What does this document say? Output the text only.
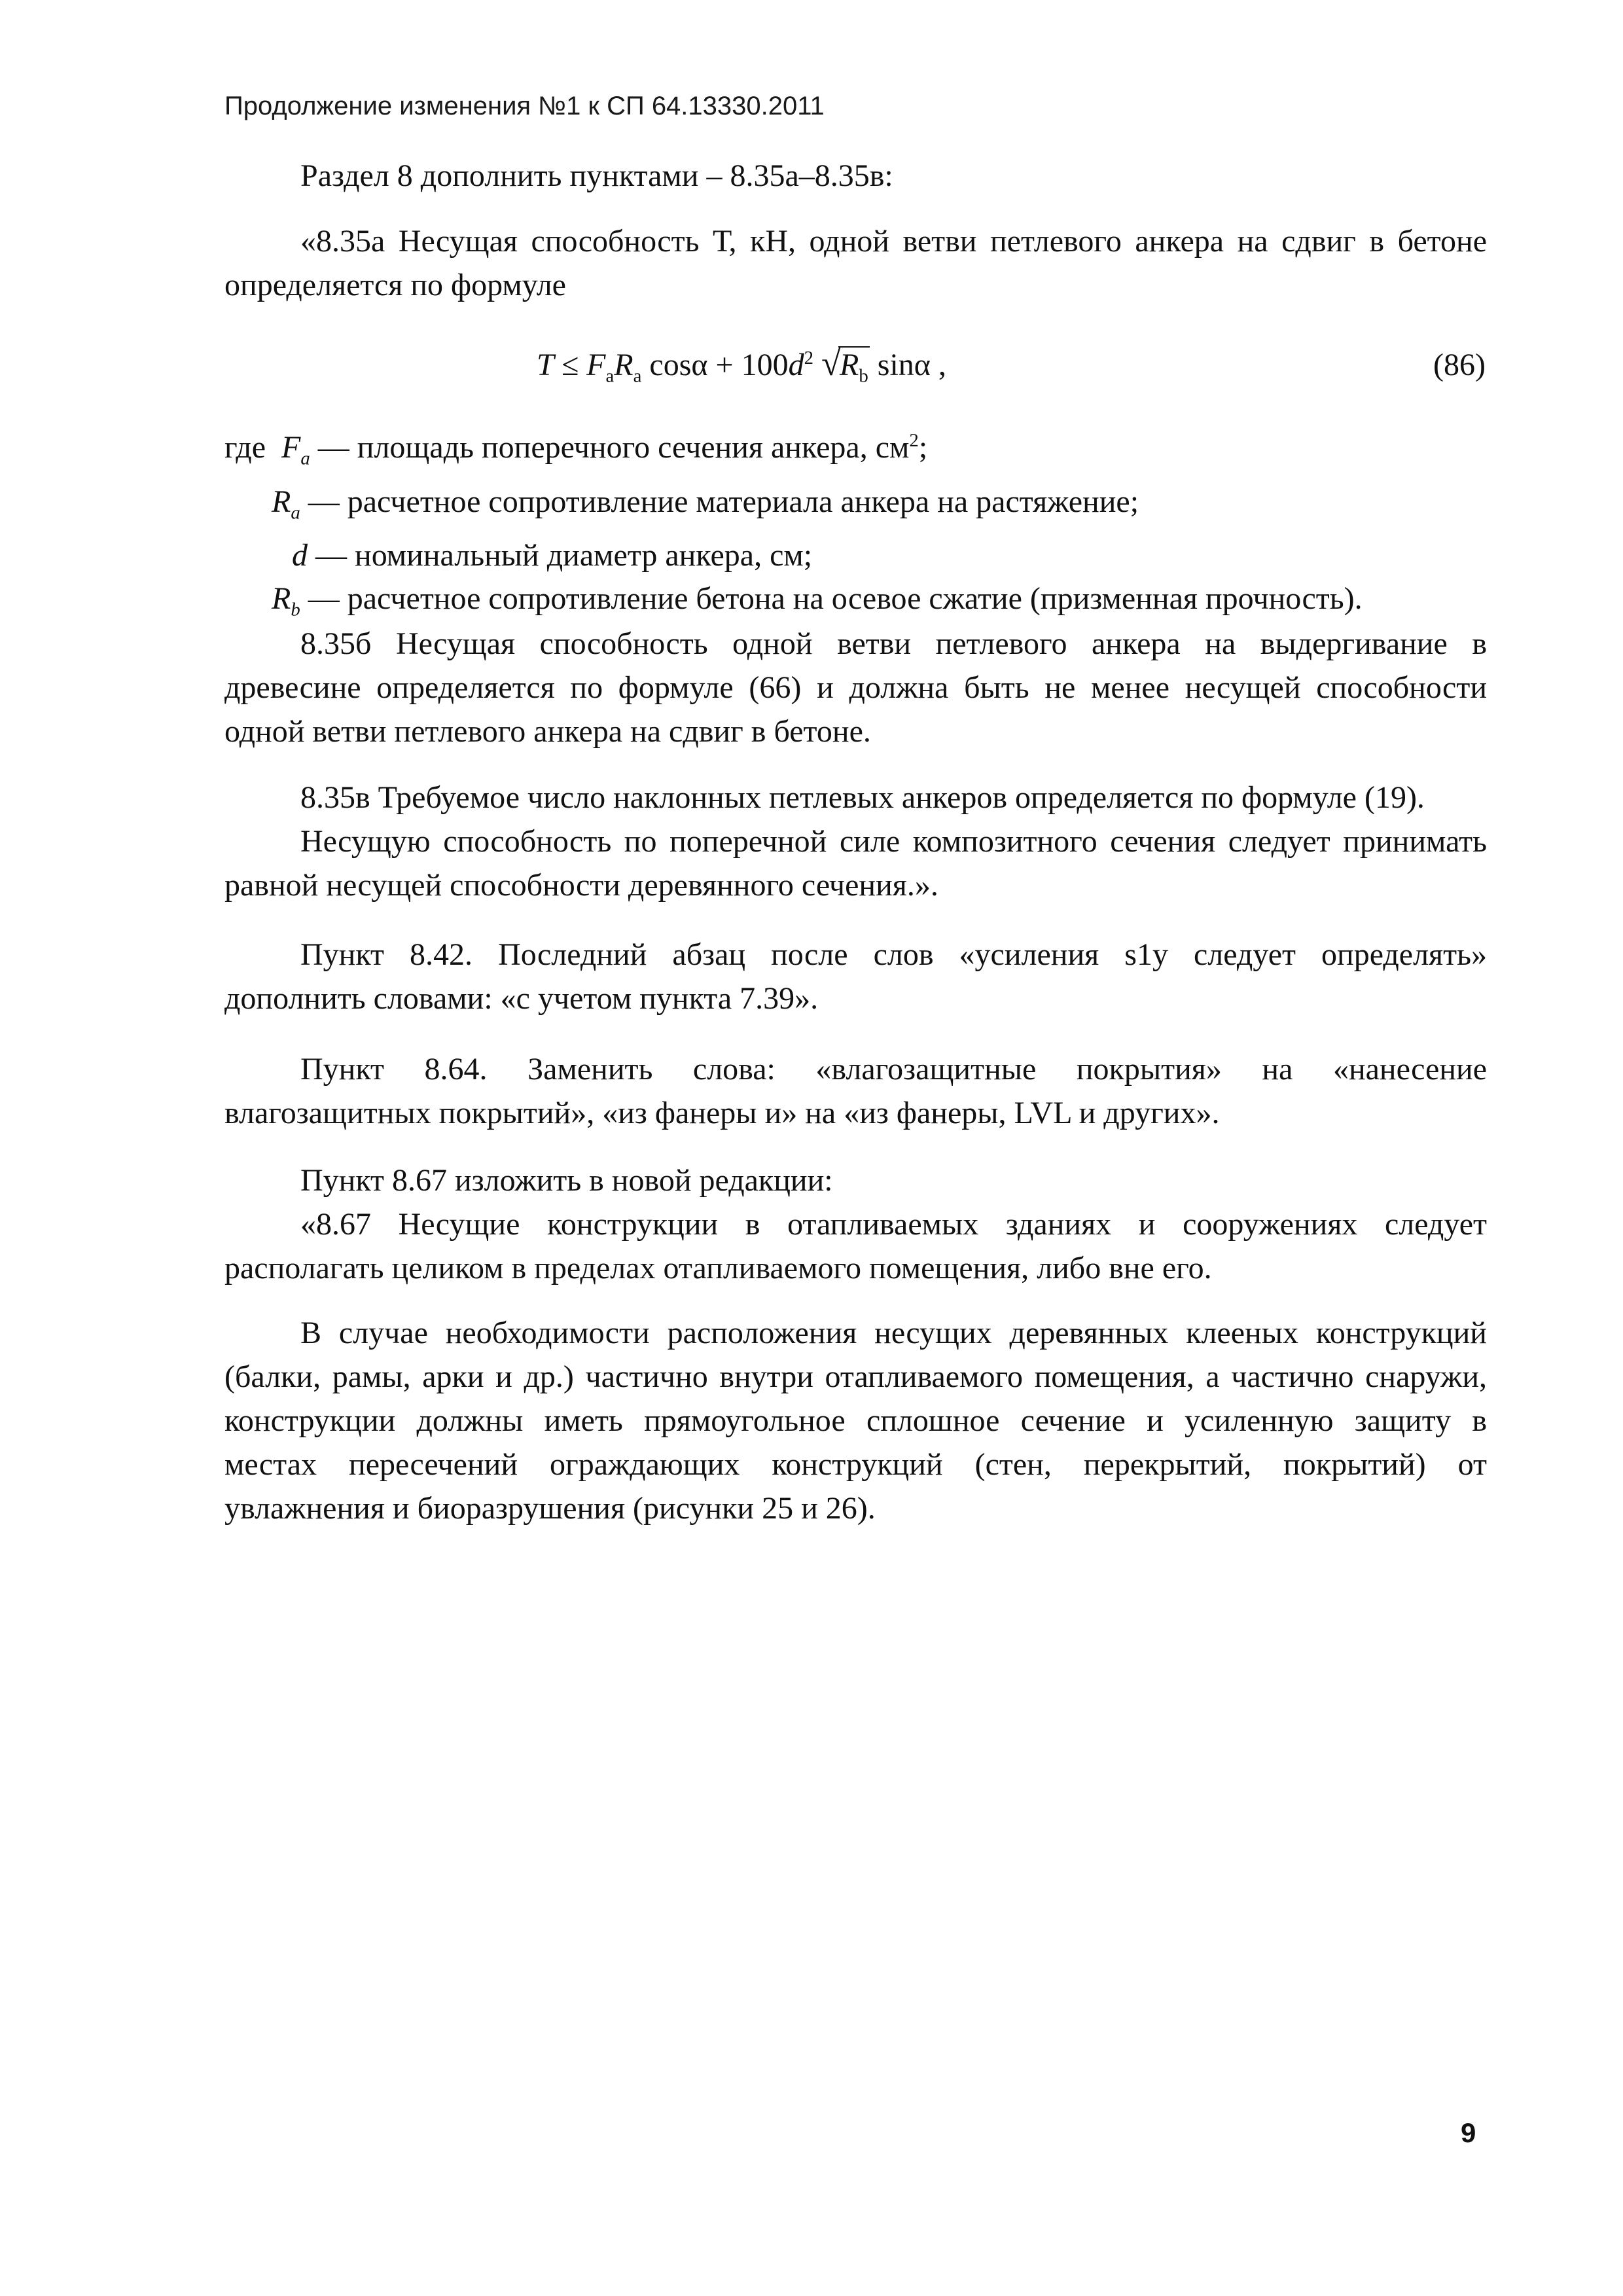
Продолжение изменения №1 к СП 64.13330.2011
Раздел 8 дополнить пунктами – 8.35а–8.35в:
«8.35а Несущая способность Т, кН, одной ветви петлевого анкера на сдвиг в бетоне
определяется по формуле
$T \le F_aR_a$ $\cos\alpha + 100d^2$ √
$R_b$ sinα ,	(86)
где $F_a$ — площадь поперечного сечения анкера, $см^2$;
$R_a$ — расчетное сопротивление материала анкера на растяжение;
d — номинальный диаметр анкера, см;
$R_b$ — расчетное сопротивление бетона на осевое сжатие (призменная прочность).
8.35б Несущая способность одной ветви петлевого анкера на выдергивание в
древесине определяется по формуле (66) и должна быть не менее несущей способности
одной ветви петлевого анкера на сдвиг в бетоне.
8.35в Требуемое число наклонных петлевых анкеров определяется по формуле (19).
Несущую способность по поперечной силе композитного сечения следует принимать
равной несущей способности деревянного сечения.».
Пункт 8.42. Последний абзац после слов «усиления s1y следует определять»
дополнить словами: «с учетом пункта 7.39».
Пункт 8.64. Заменить слова: «влагозащитные покрытия» на «нанесение
влагозащитных покрытий», «из фанеры и» на «из фанеры, LVL и других».
Пункт 8.67 изложить в новой редакции:
«8.67 Несущие конструкции в отапливаемых зданиях и сооружениях следует
располагать целиком в пределах отапливаемого помещения, либо вне его.
В случае необходимости расположения несущих деревянных клееных конструкций
(балки, рамы, арки и др.) частично внутри отапливаемого помещения, а частично снаружи,
конструкции должны иметь прямоугольное сплошное сечение и усиленную защиту в
местах пересечений ограждающих конструкций (стен, перекрытий, покрытий) от
увлажнения и биоразрушения (рисунки 25 и 26).
9
